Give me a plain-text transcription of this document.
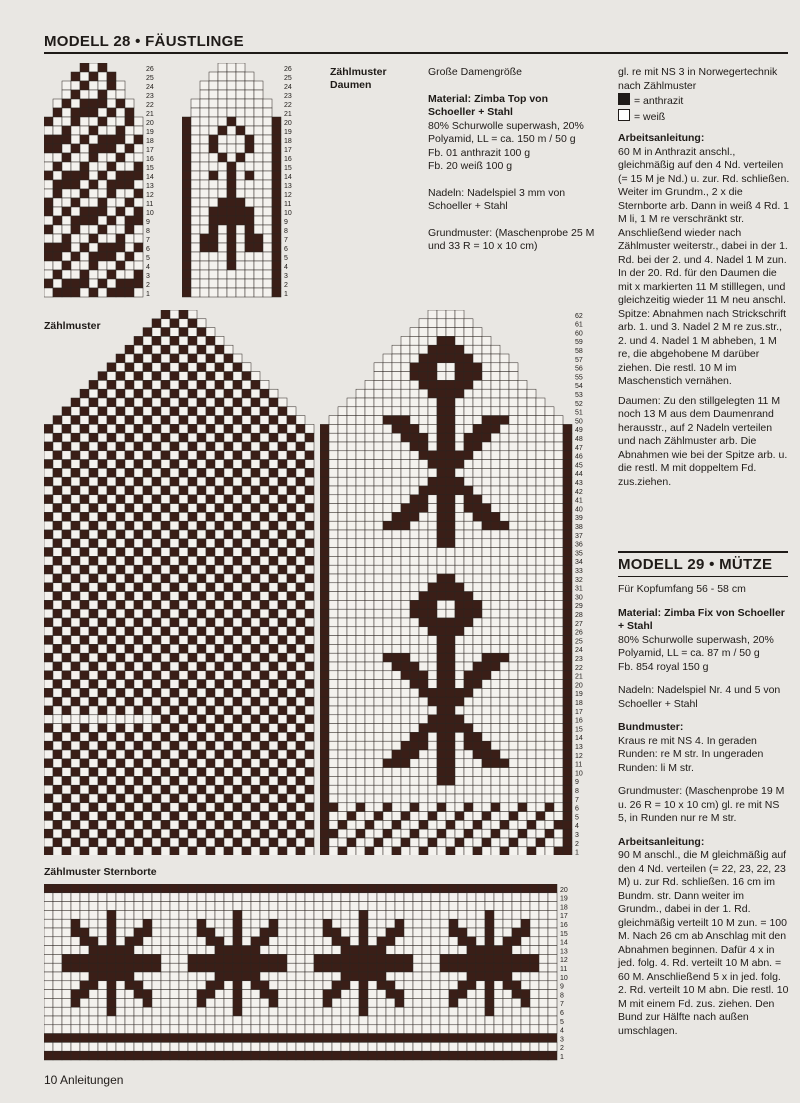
MODELL 28 • FÄUSTLINGE
26
25
24
23
22
21
20
19
18
17
16
15
14
13
12
11
10
9
8
7
6
5
4
3
2
1
26
25
24
23
22
21
20
19
18
17
16
15
14
13
12
11
10
9
8
7
6
5
4
3
2
1
Zählmuster Daumen
Große Damengröße
Material: Zimba Top von Schoeller + Stahl
80% Schurwolle superwash, 20% Polyamid, LL = ca. 150 m / 50 g
Fb. 01 anthrazit 100 g
Fb. 20 weiß 100 g
Nadeln: Nadelspiel 3 mm von Schoeller + Stahl
Grundmuster: (Maschenprobe 25 M und 33 R = 10 x 10 cm)
gl. re mit NS 3 in Norwegertechnik nach Zählmuster
= anthrazit
= weiß
Arbeitsanleitung:
60 M in Anthrazit anschl., gleichmäßig auf den 4 Nd. verteilen (= 15 M je Nd.) u. zur. Rd. schließen. Weiter im Grundm., 2 x die Sternborte arb. Dann in weiß 4 Rd. 1 M li, 1 M re verschränkt str. Anschließend wieder nach Zählmuster weiterstr., dabei in der 1. Rd. bei der 2. und 4. Nadel 1 M zun. In der 20. Rd. für den Daumen die mit x markierten 11 M stilllegen, und gleichzeitig wieder 11 M neu anschl.
Spitze: Abnahmen nach Strickschrift arb. 1. und 3. Nadel 2 M re zus.str., 2. und 4. Nadel 1 M abheben, 1 M re, die abgehobene M darüber ziehen. Die restl. 10 M im Maschenstich vernähen.
Daumen: Zu den stillgelegten 11 M noch 13 M aus dem Daumenrand herausstr., auf 2 Nadeln verteilen und nach Zählmuster arb. Die Abnahmen wie bei der Spitze arb. u. die restl. M mit doppeltem Fd. zus.ziehen.
Zählmuster
62
61
60
59
58
57
56
55
54
53
52
51
50
49
48
47
46
45
44
43
42
41
40
39
38
37
36
35
34
33
32
31
30
29
28
27
26
25
24
23
22
21
20
19
18
17
16
15
14
13
12
11
10
9
8
7
6
5
4
3
2
1
MODELL 29 • MÜTZE
Für Kopfumfang 56 - 58 cm
Material: Zimba Fix von Schoeller + Stahl
80% Schurwolle superwash, 20% Polyamid, LL = ca. 87 m / 50 g
Fb. 854 royal 150 g
Nadeln: Nadelspiel Nr. 4 und 5 von Schoeller + Stahl
Bundmuster:
Kraus re mit NS 4. In geraden Runden: re M str. In ungeraden Runden: li M str.
Grundmuster: (Maschenprobe 19 M u. 26 R = 10 x 10 cm) gl. re mit NS 5, in Runden nur re M str.
Arbeitsanleitung:
90 M anschl., die M gleichmäßig auf den 4 Nd. verteilen (= 22, 23, 22, 23 M) u. zur Rd. schließen. 16 cm im Bundm. str. Dann weiter im Grundm., dabei in der 1. Rd. gleichmäßig verteilt 10 M zun. = 100 M. Nach 26 cm ab Anschlag mit den Abnahmen beginnen. Dafür 4 x in jed. folg. 4. Rd. verteilt 10 M abn. = 60 M. Anschließend 5 x in jed. folg. 2. Rd. verteilt 10 M abn. Die restl. 10 M mit einem Fd. zus. ziehen. Den Bund zur Hälfte nach außen umschlagen.
Zählmuster Sternborte
20
19
18
17
16
15
14
13
12
11
10
9
8
7
6
5
4
3
2
1
10 Anleitungen
